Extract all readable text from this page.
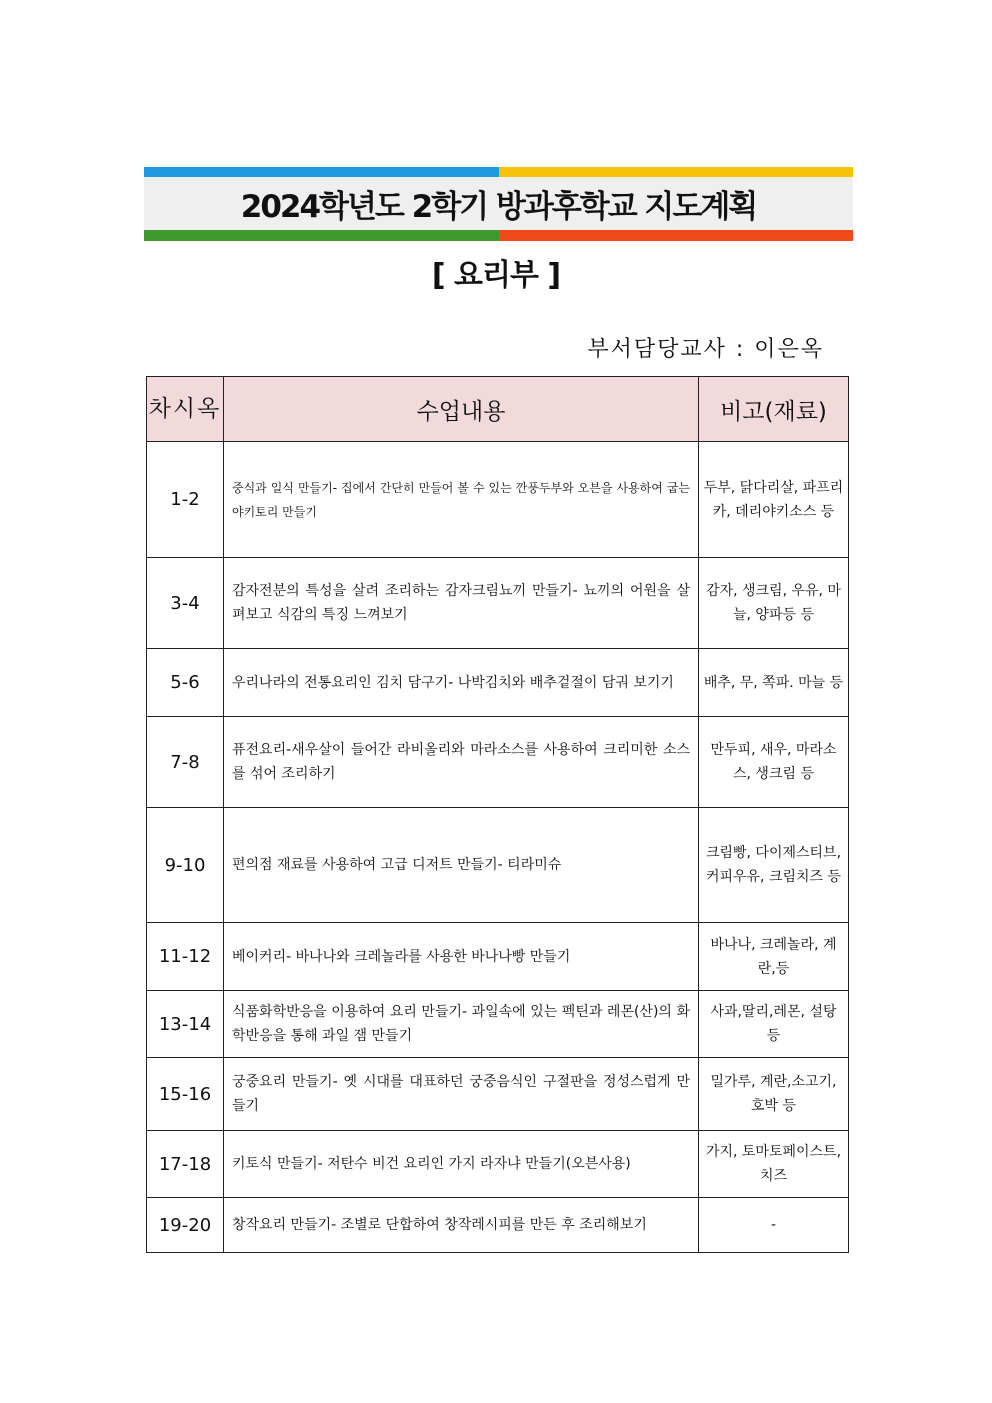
2024학년도 2학기 방과후학교 지도계획
[ 요리부 ]
부서담당교사 : 이은옥
차시옥	수업내용	비고(재료)
1-2	중식과 일식 만들기- 집에서 간단히 만들어 볼 수 있는 깐풍두부와 오븐을 사용하여 굽는 야키토리 만들기	두부, 닭다리살, 파프리카, 데리야키소스 등
3-4	감자전분의 특성을 살려 조리하는 감자크림뇨끼 만들기- 뇨끼의 어원을 살펴보고 식감의 특징 느껴보기	감자, 생크림, 우유, 마늘, 양파등 등
5-6	우리나라의 전통요리인 김치 담구기- 나박김치와 배추겉절이 담궈 보기기	배추, 무, 쪽파. 마늘 등
7-8	퓨전요리-새우살이 들어간 라비올리와 마라소스를 사용하여 크리미한 소스를 섞어 조리하기	만두피, 새우, 마라소스, 생크림 등
9-10	편의점 재료를 사용하여 고급 디저트 만들기- 티라미슈	크림빵, 다이제스티브, 커피우유, 크림치즈 등
11-12	베이커리- 바나나와 크레놀라를 사용한 바나나빵 만들기	바나나, 크레놀라, 계란,등
13-14	식품화학반응을 이용하여 요리 만들기- 과일속에 있는 펙틴과 레몬(산)의 화학반응을 통해 과일 잼 만들기	사과,딸리,레몬, 설탕 등
15-16	궁중요리 만들기- 옛 시대를 대표하던 궁중음식인 구절판을 정성스럽게 만들기	밀가루, 계란,소고기, 호박 등
17-18	키토식 만들기- 저탄수 비건 요리인 가지 라자냐 만들기(오븐사용)	가지, 토마토페이스트, 치즈
19-20	창작요리 만들기- 조별로 단합하여 창작레시피를 만든 후 조리해보기	-
